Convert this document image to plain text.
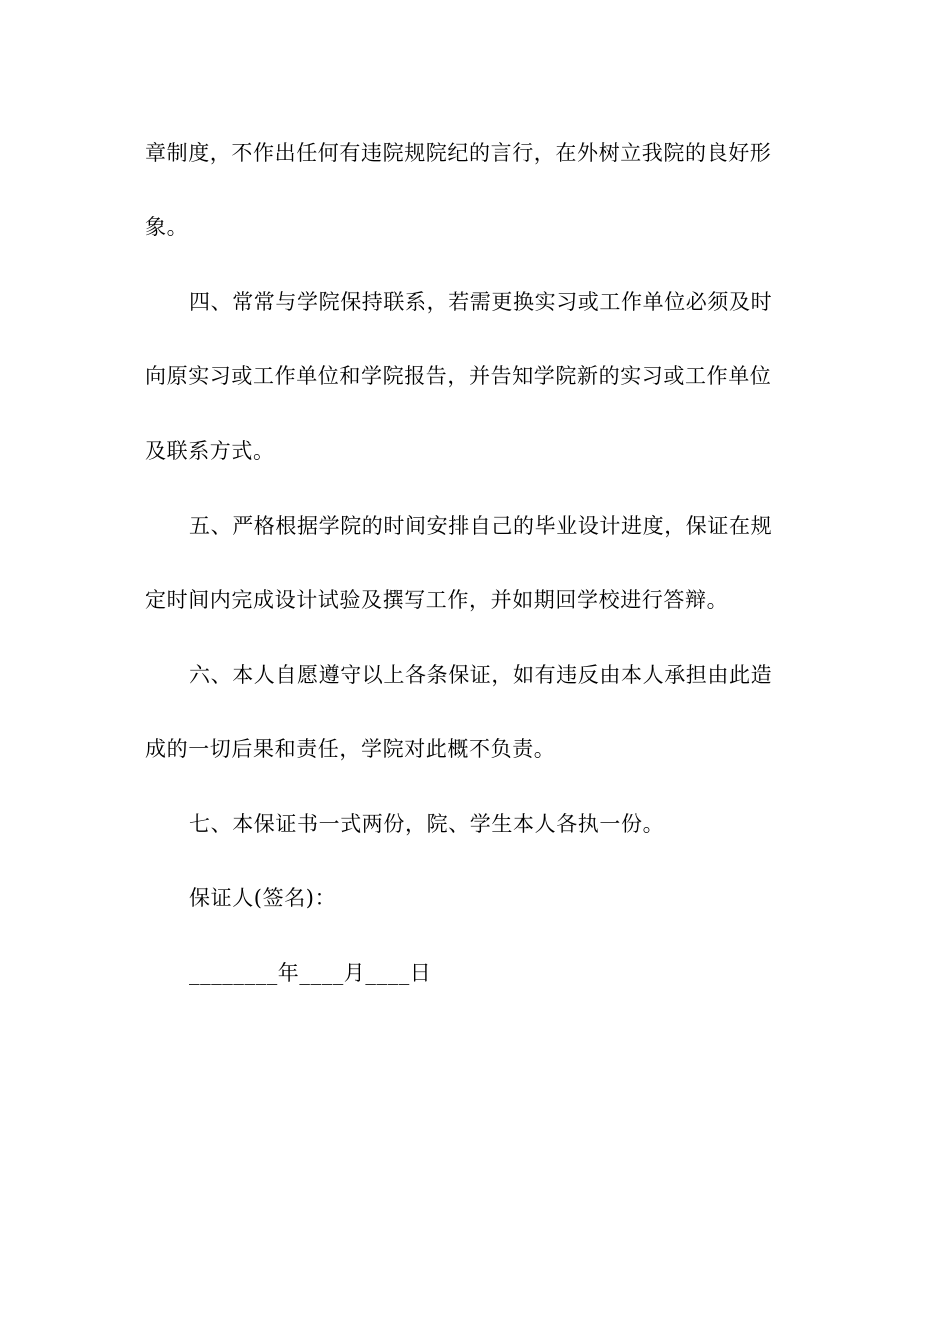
章制度，不作出任何有违院规院纪的言行，在外树立我院的良好形
象。
四、常常与学院保持联系，若需更换实习或工作单位必须及时
向原实习或工作单位和学院报告，并告知学院新的实习或工作单位
及联系方式。
五、严格根据学院的时间安排自己的毕业设计进度，保证在规
定时间内完成设计试验及撰写工作，并如期回学校进行答辩。
六、本人自愿遵守以上各条保证，如有违反由本人承担由此造
成的一切后果和责任，学院对此概不负责。
七、本保证书一式两份，院、学生本人各执一份。
保证人(签名)：
________年____月____日
